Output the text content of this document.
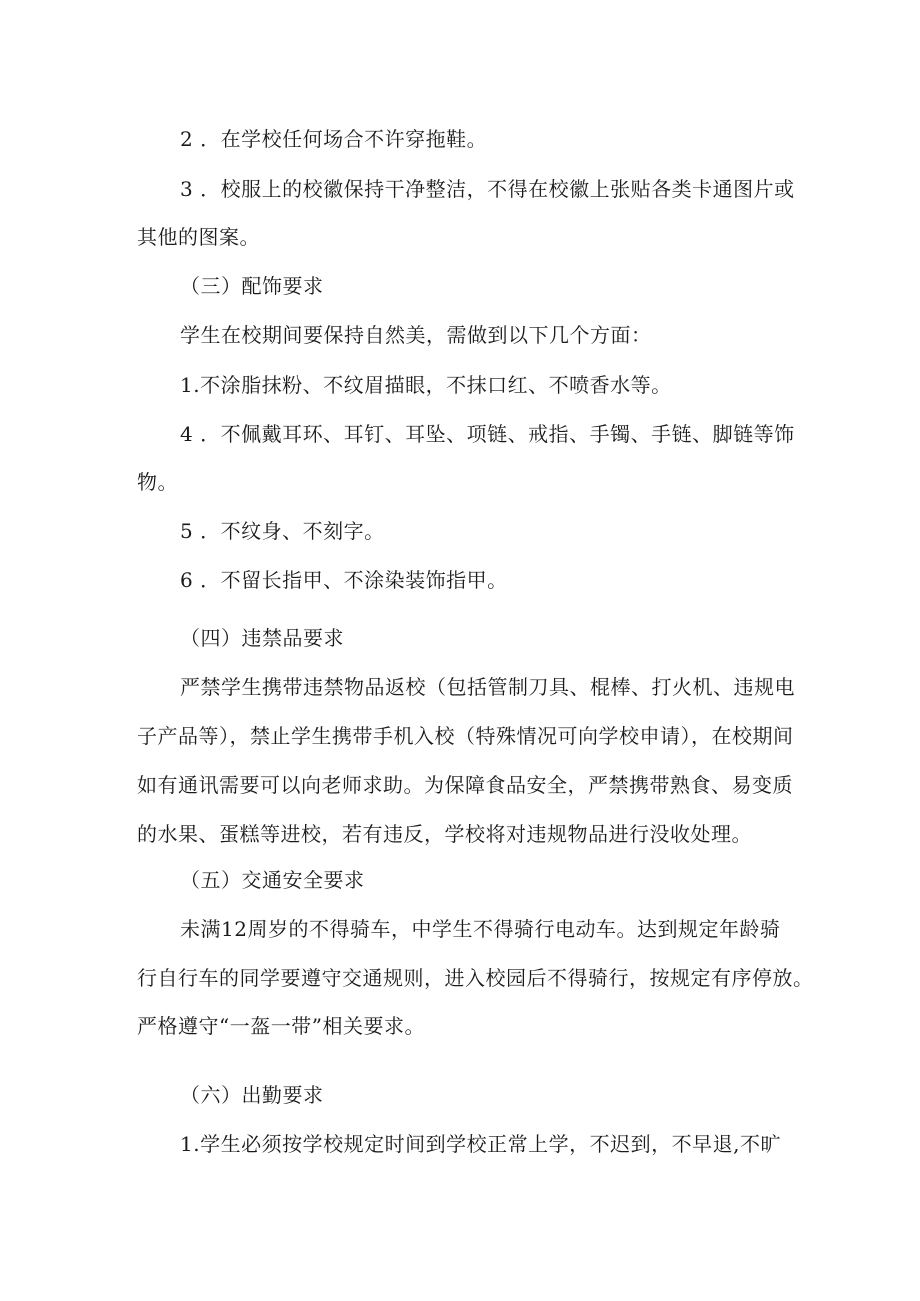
2 ．在学校任何场合不许穿拖鞋。
3 ．校服上的校徽保持干净整洁，不得在校徽上张贴各类卡通图片或
其他的图案。
（三）配饰要求
学生在校期间要保持自然美，需做到以下几个方面：
1.不涂脂抹粉、不纹眉描眼，不抹口红、不喷香水等。
4 ．不佩戴耳环、耳钉、耳坠、项链、戒指、手镯、手链、脚链等饰
物。
5 ．不纹身、不刻字。
6 ．不留长指甲、不涂染装饰指甲。
（四）违禁品要求
严禁学生携带违禁物品返校（包括管制刀具、棍棒、打火机、违规电
子产品等），禁止学生携带手机入校（特殊情况可向学校申请），在校期间
如有通讯需要可以向老师求助。为保障食品安全，严禁携带熟食、易变质
的水果、蛋糕等进校，若有违反，学校将对违规物品进行没收处理。
（五）交通安全要求
未满12周岁的不得骑车，中学生不得骑行电动车。达到规定年龄骑
行自行车的同学要遵守交通规则，进入校园后不得骑行，按规定有序停放。
严格遵守“一盔一带”相关要求。
（六）出勤要求
1.学生必须按学校规定时间到学校正常上学，不迟到，不早退,不旷
